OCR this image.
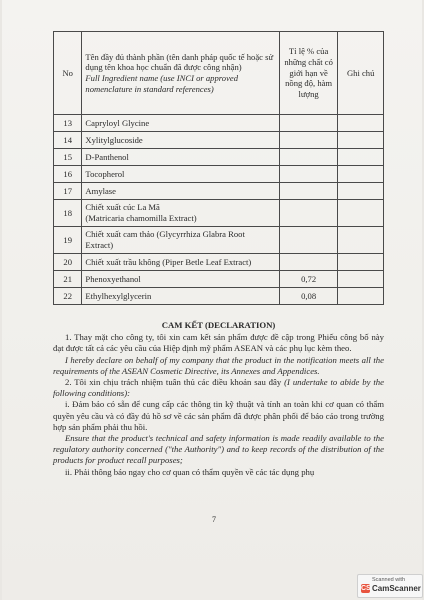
No	Tên đầy đủ thành phần (tên danh pháp quốc tế hoặc sử dụng tên khoa học chuẩn đã được công nhận)
Full Ingredient name (use INCI or approved nomenclature in standard references)	Tỉ lệ % của những chất có giới hạn về nồng độ, hàm lượng	Ghi chú
13	Capryloyl Glycine		
14	Xylitylglucoside		
15	D-Panthenol		
16	Tocopherol		
17	Amylase		
18	Chiết xuất cúc La Mã
(Matricaria chamomilla Extract)		

19	Chiết xuất cam thảo (Glycyrrhiza Glabra Root
Extract)		

20	Chiết xuất trầu không (Piper Betle Leaf Extract)		
21	Phenoxyethanol	0,72	
22	Ethylhexylglycerin	0,08	

CAM KẾT (DECLARATION)

1. Thay mặt cho công ty, tôi xin cam kết sản phẩm được đề cập trong Phiếu công bố này đạt được tất cả các yêu cầu của Hiệp định mỹ phẩm ASEAN và các phụ lục kèm theo.

I hereby declare on behalf of my company that the product in the notification meets all the requirements of the ASEAN Cosmetic Directive, its Annexes and Appendices.

2. Tôi xin chịu trách nhiệm tuân thủ các điều khoản sau đây (I undertake to abide by the following conditions):

i. Đảm bảo có sẵn để cung cấp các thông tin kỹ thuật và tính an toàn khi cơ quan có thẩm quyền yêu cầu và có đầy đủ hồ sơ về các sản phẩm đã được phân phối để báo cáo trong trường hợp sản phẩm phải thu hồi.

Ensure that the product's technical and safety information is made readily available to the regulatory authority concerned ("the Authority") and to keep records of the distribution of the products for product recall purposes;

ii. Phải thông báo ngay cho cơ quan có thẩm quyền về các tác dụng phụ

7
Scanned with
CS CamScanner
